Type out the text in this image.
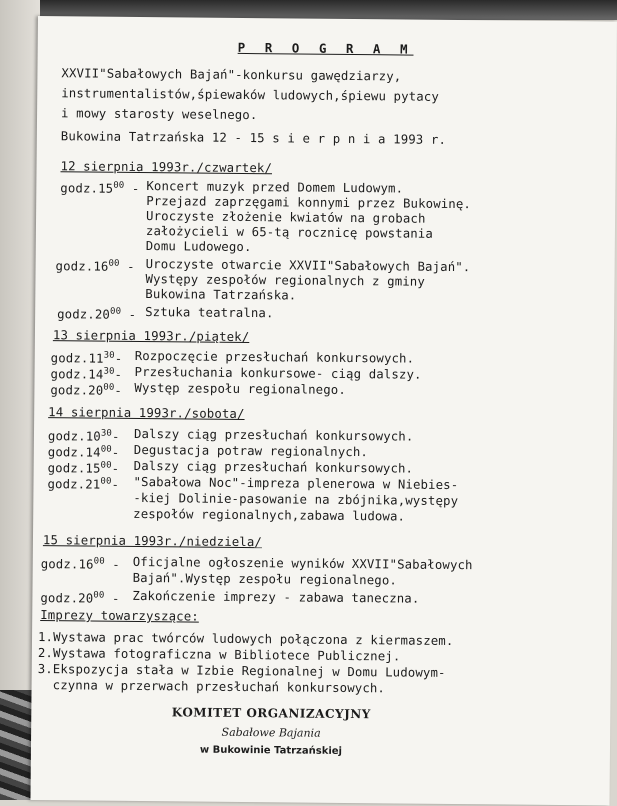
P R O G R A M
XXVII"Sabałowych Bajań"-konkursu gawędziarzy,
instrumentalistów,śpiewaków ludowych,śpiewu pytacy
i mowy starosty weselnego.
Bukowina Tatrzańska 12 - 15 s i e r p n i a 1993 r.
12 sierpnia 1993r./czwartek/
$godz.15^{00}$ - Koncert muzyk przed Domem Ludowym.
Przejazd zaprzęgami konnymi przez Bukowinę.
Uroczyste złożenie kwiatów na grobach
założycieli w 65-tą rocznicę powstania
Domu Ludowego.
$godz.16^{00}$ - Uroczyste otwarcie XXVII"Sabałowych Bajań".
Występy zespołów regionalnych z gminy
Bukowina Tatrzańska.
$godz.20^{00}$ - Sztuka teatralna.
13 sierpnia 1993r./piątek/
$godz.11^{30}-$ Rozpoczęcie przesłuchań konkursowych.
$godz.14^{30}-$ Przesłuchania konkursowe- ciąg dalszy.
$godz.20^{00}-$ Występ zespołu regionalnego.
14 sierpnia 1993r./sobota/
$godz.10^{30}-$ Dalszy ciąg przesłuchań konkursowych.
$godz.14^{00}-$ Degustacja potraw regionalnych.
$godz.15^{00}-$ Dalszy ciąg przesłuchań konkursowych.
$godz.21^{00}-$ "Sabałowa Noc"-impreza plenerowa w Niebies-
-kiej Dolinie-pasowanie na zbójnika,występy
zespołów regionalnych,zabawa ludowa.
15 sierpnia 1993r./niedziela/
$godz.16^{00}$ - Oficjalne ogłoszenie wyników XXVII"Sabałowych
Bajań".Występ zespołu regionalnego.
$godz.20^{00}$ - Zakończenie imprezy - zabawa taneczna.
Imprezy towarzyszące:
1.Wystawa prac twórców ludowych połączona z kiermaszem.
2.Wystawa fotograficzna w Bibliotece Publicznej.
3.Ekspozycja stała w Izbie Regionalnej w Domu Ludowym-
czynna w przerwach przesłuchań konkursowych.
KOMITET ORGANIZACYJNY
Sabałowe Bajania
w Bukowinie Tatrzańskiej
